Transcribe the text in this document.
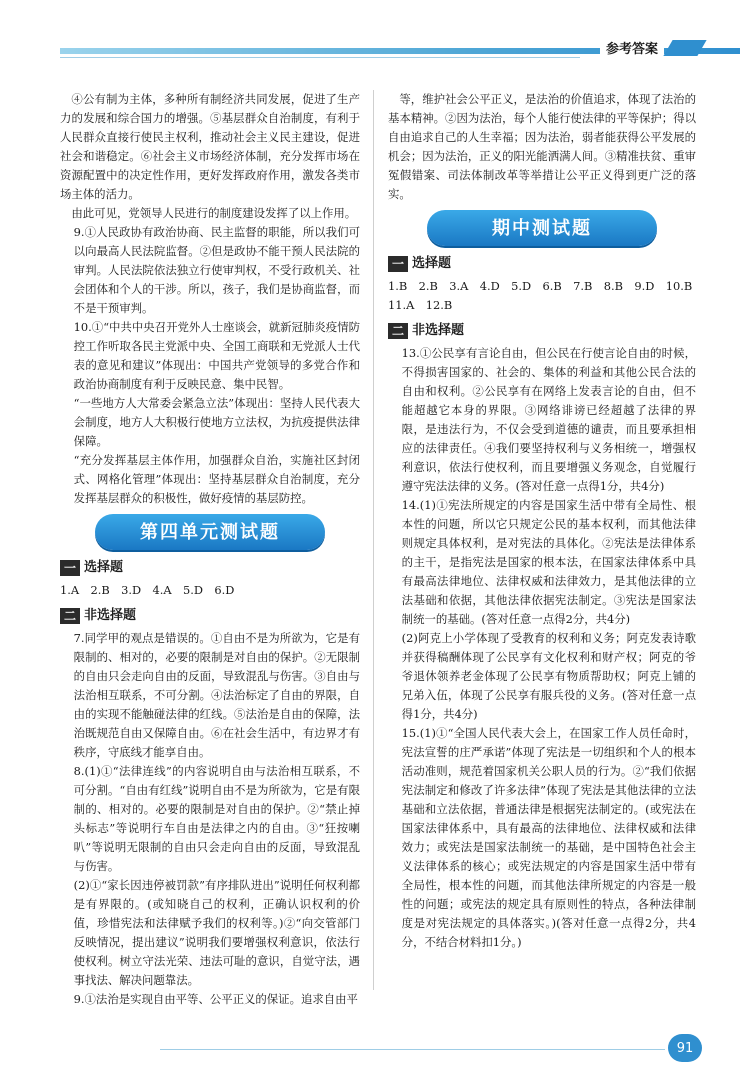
参考答案

④公有制为主体，多种所有制经济共同发展，促进了生产力的发展和综合国力的增强。⑤基层群众自治制度，有利于人民群众直接行使民主权利，推动社会主义民主建设，促进社会和谐稳定。⑥社会主义市场经济体制，充分发挥市场在资源配置中的决定性作用，更好发挥政府作用，激发各类市场主体的活力。

由此可见，党领导人民进行的制度建设发挥了以上作用。

9.①人民政协有政治协商、民主监督的职能，所以我们可以向最高人民法院监督。②但是政协不能干预人民法院的审判。人民法院依法独立行使审判权，不受行政机关、社会团体和个人的干涉。所以，孩子，我们是协商监督，而不是干预审判。

10.①“中共中央召开党外人士座谈会，就新冠肺炎疫情防控工作听取各民主党派中央、全国工商联和无党派人士代表的意见和建议”体现出：中国共产党领导的多党合作和政治协商制度有利于反映民意、集中民智。

“一些地方人大常委会紧急立法”体现出：坚持人民代表大会制度，地方人大积极行使地方立法权，为抗疫提供法律保障。

“充分发挥基层主体作用，加强群众自治，实施社区封闭式、网格化管理”体现出：坚持基层群众自治制度，充分发挥基层群众的积极性，做好疫情的基层防控。

第四单元测试题
一 选择题

1.A　2.B　3.D　4.A　5.D　6.D

二 非选择题

7.同学甲的观点是错误的。①自由不是为所欲为，它是有限制的、相对的，必要的限制是对自由的保护。②无限制的自由只会走向自由的反面，导致混乱与伤害。③自由与法治相互联系，不可分割。④法治标定了自由的界限，自由的实现不能触碰法律的红线。⑤法治是自由的保障，法治既规范自由又保障自由。⑥在社会生活中，有边界才有秩序，守底线才能享自由。

8.(1)①“法律连线”的内容说明自由与法治相互联系，不可分割。“自由有红线”说明自由不是为所欲为，它是有限制的、相对的。必要的限制是对自由的保护。②“禁止掉头标志”等说明行车自由是法律之内的自由。③“狂按喇叭”等说明无限制的自由只会走向自由的反面，导致混乱与伤害。

(2)①“家长因违停被罚款”有序排队进出”说明任何权利都是有界限的。(或知晓自己的权利，正确认识权利的价值，珍惜宪法和法律赋予我们的权利等。)②“向交管部门反映情况，提出建议”说明我们要增强权利意识，依法行使权利。树立守法光荣、违法可耻的意识，自觉守法，遇事找法、解决问题靠法。

9.①法治是实现自由平等、公平正义的保证。追求自由平

等，维护社会公平正义，是法治的价值追求，体现了法治的基本精神。②因为法治，每个人能行使法律的平等保护；得以自由追求自己的人生幸福；因为法治，弱者能获得公平发展的机会；因为法治，正义的阳光能洒满人间。③精准扶贫、重审冤假错案、司法体制改革等举措让公平正义得到更广泛的落实。

期中测试题
一 选择题

1.B　2.B　3.A　4.D　5.D　6.B　7.B　8.B　9.D　10.B

11.A　12.B

二 非选择题

13.①公民享有言论自由，但公民在行使言论自由的时候，不得损害国家的、社会的、集体的利益和其他公民合法的自由和权利。②公民享有在网络上发表言论的自由，但不能超越它本身的界限。③网络诽谤已经超越了法律的界限，是违法行为，不仅会受到道德的谴责，而且要承担相应的法律责任。④我们要坚持权利与义务相统一，增强权利意识，依法行使权利，而且要增强义务观念，自觉履行遵守宪法法律的义务。(答对任意一点得1分，共4分)

14.(1)①宪法所规定的内容是国家生活中带有全局性、根本性的问题，所以它只规定公民的基本权利，而其他法律则规定具体权利，是对宪法的具体化。②宪法是法律体系的主干，是指宪法是国家的根本法，在国家法律体系中具有最高法律地位、法律权威和法律效力，是其他法律的立法基础和依据，其他法律依据宪法制定。③宪法是国家法制统一的基础。(答对任意一点得2分，共4分)

(2)阿克上小学体现了受教育的权利和义务；阿克发表诗歌并获得稿酬体现了公民享有文化权利和财产权；阿克的爷爷退休领养老金体现了公民享有物质帮助权；阿克上铺的兄弟入伍，体现了公民享有服兵役的义务。(答对任意一点得1分，共4分)

15.(1)①“全国人民代表大会上，在国家工作人员任命时，宪法宣誓的庄严承诺”体现了宪法是一切组织和个人的根本活动准则，规范着国家机关公职人员的行为。②“我们依据宪法制定和修改了许多法律”体现了宪法是其他法律的立法基础和立法依据，普通法律是根据宪法制定的。(或宪法在国家法律体系中，具有最高的法律地位、法律权威和法律效力；或宪法是国家法制统一的基础，是中国特色社会主义法律体系的核心；或宪法规定的内容是国家生活中带有全局性，根本性的问题，而其他法律所规定的内容是一般性的问题；或宪法的规定具有原则性的特点，各种法律制度是对宪法规定的具体落实。)(答对任意一点得2分，共4分，不结合材料扣1分。)

91
